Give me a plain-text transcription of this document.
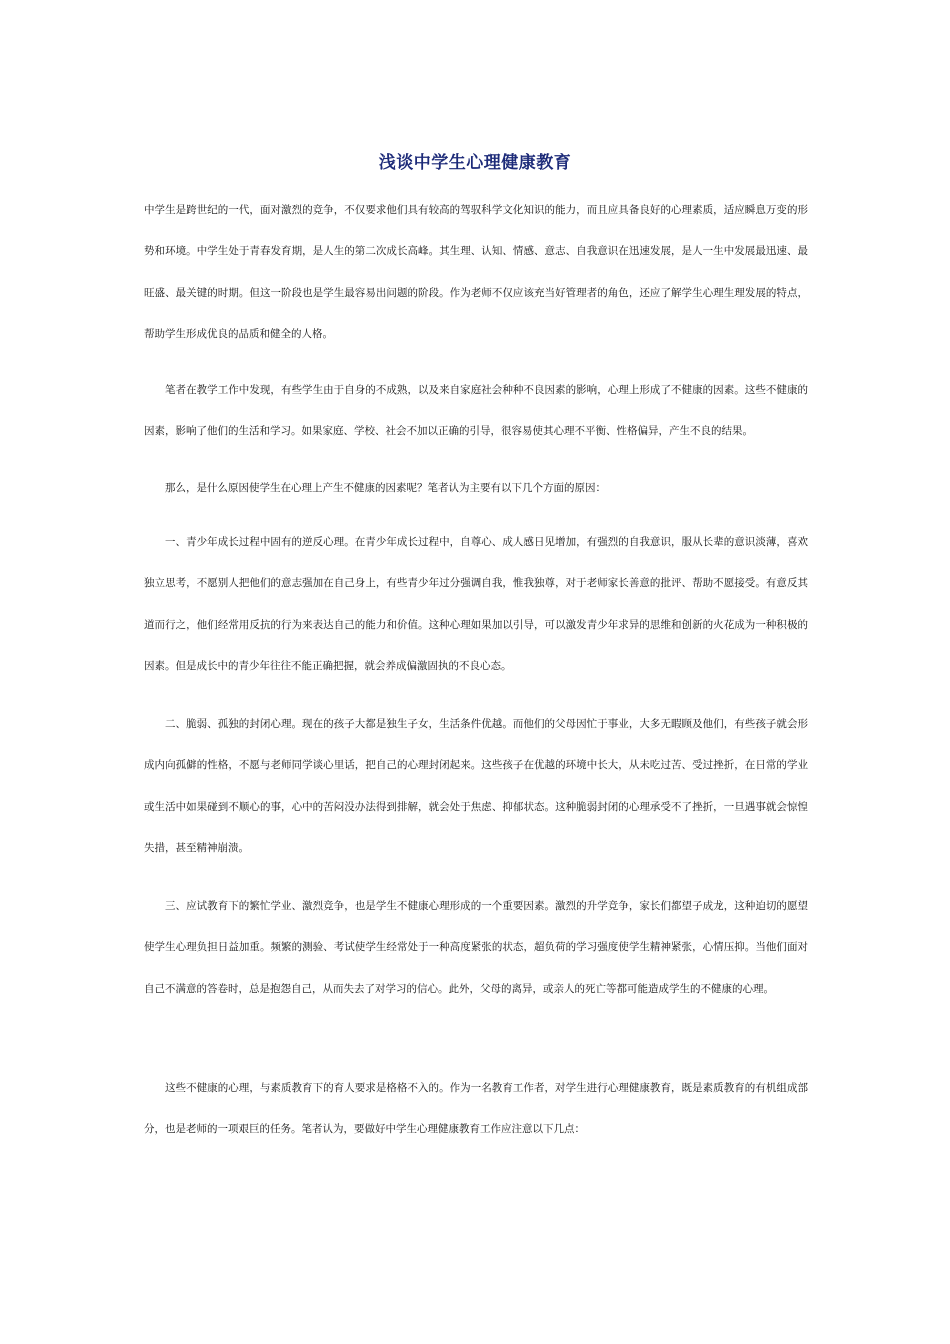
浅谈中学生心理健康教育

中学生是跨世纪的一代，面对激烈的竞争，不仅要求他们具有较高的驾驭科学文化知识的能力，而且应具备良好的心理素质，适应瞬息万变的形势和环境。中学生处于青春发育期，是人生的第二次成长高峰。其生理、认知、情感、意志、自我意识在迅速发展，是人一生中发展最迅速、最旺盛、最关键的时期。但这一阶段也是学生最容易出问题的阶段。作为老师不仅应该充当好管理者的角色，还应了解学生心理生理发展的特点，帮助学生形成优良的品质和健全的人格。

笔者在教学工作中发现，有些学生由于自身的不成熟，以及来自家庭社会种种不良因素的影响，心理上形成了不健康的因素。这些不健康的因素，影响了他们的生活和学习。如果家庭、学校、社会不加以正确的引导，很容易使其心理不平衡、性格偏异，产生不良的结果。

那么，是什么原因使学生在心理上产生不健康的因素呢？笔者认为主要有以下几个方面的原因：

一、青少年成长过程中固有的逆反心理。在青少年成长过程中，自尊心、成人感日见增加，有强烈的自我意识，服从长辈的意识淡薄，喜欢独立思考，不愿别人把他们的意志强加在自己身上，有些青少年过分强调自我，惟我独尊，对于老师家长善意的批评、帮助不愿接受。有意反其道而行之，他们经常用反抗的行为来表达自己的能力和价值。这种心理如果加以引导，可以激发青少年求异的思维和创新的火花成为一种积极的因素。但是成长中的青少年往往不能正确把握，就会养成偏激固执的不良心态。

二、脆弱、孤独的封闭心理。现在的孩子大都是独生子女，生活条件优越。而他们的父母因忙于事业，大多无暇顾及他们，有些孩子就会形成内向孤僻的性格，不愿与老师同学谈心里话，把自己的心理封闭起来。这些孩子在优越的环境中长大，从未吃过苦、受过挫折，在日常的学业或生活中如果碰到不顺心的事，心中的苦闷没办法得到排解，就会处于焦虑、抑郁状态。这种脆弱封闭的心理承受不了挫折，一旦遇事就会惊惶失措，甚至精神崩溃。

三、应试教育下的繁忙学业、激烈竞争，也是学生不健康心理形成的一个重要因素。激烈的升学竞争，家长们都望子成龙，这种迫切的愿望使学生心理负担日益加重。频繁的测验、考试使学生经常处于一种高度紧张的状态，超负荷的学习强度使学生精神紧张，心情压抑。当他们面对自己不满意的答卷时，总是抱怨自己，从而失去了对学习的信心。此外，父母的离异，或亲人的死亡等都可能造成学生的不健康的心理。

这些不健康的心理，与素质教育下的育人要求是格格不入的。作为一名教育工作者，对学生进行心理健康教育，既是素质教育的有机组成部分，也是老师的一项艰巨的任务。笔者认为，要做好中学生心理健康教育工作应注意以下几点：
